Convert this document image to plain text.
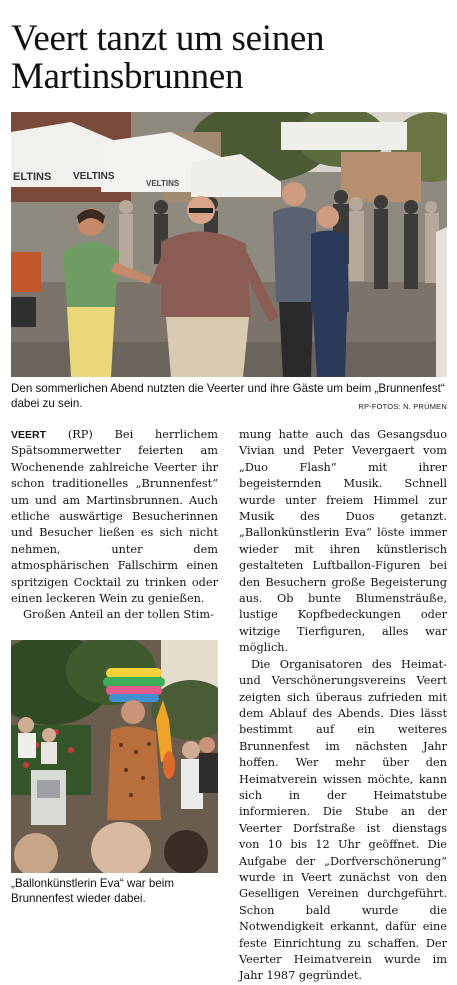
Veert tanzt um seinen Martinsbrunnen
ELTINS VELTINS
VELTINS
Den sommerlichen Abend nutzten die Veerter und ihre Gäste um beim „Brunnenfest“ dabei zu sein.	RP-FOTOS: N. PRÜMEN

VEERT (RP) Bei herrlichem Spätsommerwetter feierten am Wochenende zahlreiche Veerter ihr schon traditionelles „Brunnenfest“ um und am Martinsbrunnen. Auch etliche auswärtige Besucherinnen und Besucher ließen es sich nicht nehmen, unter dem atmosphärischen Fallschirm einen spritzigen Cocktail zu trinken oder einen leckeren Wein zu genießen.

Großen Anteil an der tollen Stim-

„Ballonkünstlerin Eva“ war beim Brunnenfest wieder dabei.

mung hatte auch das Gesangsduo Vivian und Peter Vevergaert vom „Duo Flash“ mit ihrer begeisternden Musik. Schnell wurde unter freiem Himmel zur Musik des Duos getanzt. „Ballonkünstlerin Eva“ löste immer wieder mit ihren künstlerisch gestalteten Luftballon-Figuren bei den Besuchern große Begeisterung aus. Ob bunte Blumensträuße, lustige Kopfbedeckungen oder witzige Tierfiguren, alles war möglich.

Die Organisatoren des Heimat- und Verschönerungsvereins Veert zeigten sich überaus zufrieden mit dem Ablauf des Abends. Dies lässt bestimmt auf ein weiteres Brunnenfest im nächsten Jahr hoffen. Wer mehr über den Heimatverein wissen möchte, kann sich in der Heimatstube informieren. Die Stube an der Veerter Dorfstraße ist dienstags von 10 bis 12 Uhr geöffnet. Die Aufgabe der „Dorfverschönerung“ wurde in Veert zunächst von den Geselligen Vereinen durchgeführt. Schon bald wurde die Notwendigkeit erkannt, dafür eine feste Einrichtung zu schaffen. Der Veerter Heimatverein wurde im Jahr 1987 gegründet.
